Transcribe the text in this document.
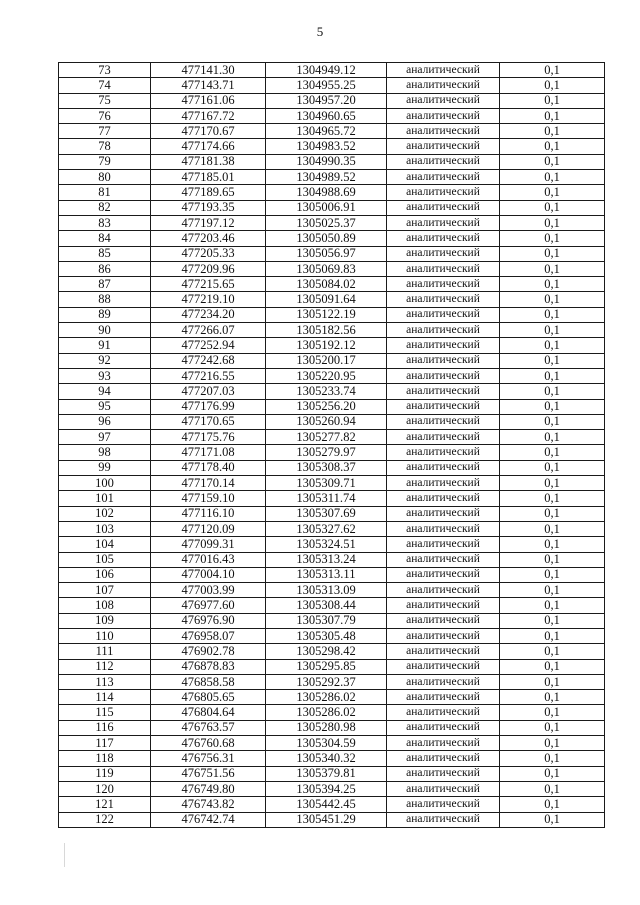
5
73	477141.30	1304949.12	аналитический	0,1
74	477143.71	1304955.25	аналитический	0,1
75	477161.06	1304957.20	аналитический	0,1
76	477167.72	1304960.65	аналитический	0,1
77	477170.67	1304965.72	аналитический	0,1
78	477174.66	1304983.52	аналитический	0,1
79	477181.38	1304990.35	аналитический	0,1
80	477185.01	1304989.52	аналитический	0,1
81	477189.65	1304988.69	аналитический	0,1
82	477193.35	1305006.91	аналитический	0,1
83	477197.12	1305025.37	аналитический	0,1
84	477203.46	1305050.89	аналитический	0,1
85	477205.33	1305056.97	аналитический	0,1
86	477209.96	1305069.83	аналитический	0,1
87	477215.65	1305084.02	аналитический	0,1
88	477219.10	1305091.64	аналитический	0,1
89	477234.20	1305122.19	аналитический	0,1
90	477266.07	1305182.56	аналитический	0,1
91	477252.94	1305192.12	аналитический	0,1
92	477242.68	1305200.17	аналитический	0,1
93	477216.55	1305220.95	аналитический	0,1
94	477207.03	1305233.74	аналитический	0,1
95	477176.99	1305256.20	аналитический	0,1
96	477170.65	1305260.94	аналитический	0,1
97	477175.76	1305277.82	аналитический	0,1
98	477171.08	1305279.97	аналитический	0,1
99	477178.40	1305308.37	аналитический	0,1
100	477170.14	1305309.71	аналитический	0,1
101	477159.10	1305311.74	аналитический	0,1
102	477116.10	1305307.69	аналитический	0,1
103	477120.09	1305327.62	аналитический	0,1
104	477099.31	1305324.51	аналитический	0,1
105	477016.43	1305313.24	аналитический	0,1
106	477004.10	1305313.11	аналитический	0,1
107	477003.99	1305313.09	аналитический	0,1
108	476977.60	1305308.44	аналитический	0,1
109	476976.90	1305307.79	аналитический	0,1
110	476958.07	1305305.48	аналитический	0,1
111	476902.78	1305298.42	аналитический	0,1
112	476878.83	1305295.85	аналитический	0,1
113	476858.58	1305292.37	аналитический	0,1
114	476805.65	1305286.02	аналитический	0,1
115	476804.64	1305286.02	аналитический	0,1
116	476763.57	1305280.98	аналитический	0,1
117	476760.68	1305304.59	аналитический	0,1
118	476756.31	1305340.32	аналитический	0,1
119	476751.56	1305379.81	аналитический	0,1
120	476749.80	1305394.25	аналитический	0,1
121	476743.82	1305442.45	аналитический	0,1
122	476742.74	1305451.29	аналитический	0,1
